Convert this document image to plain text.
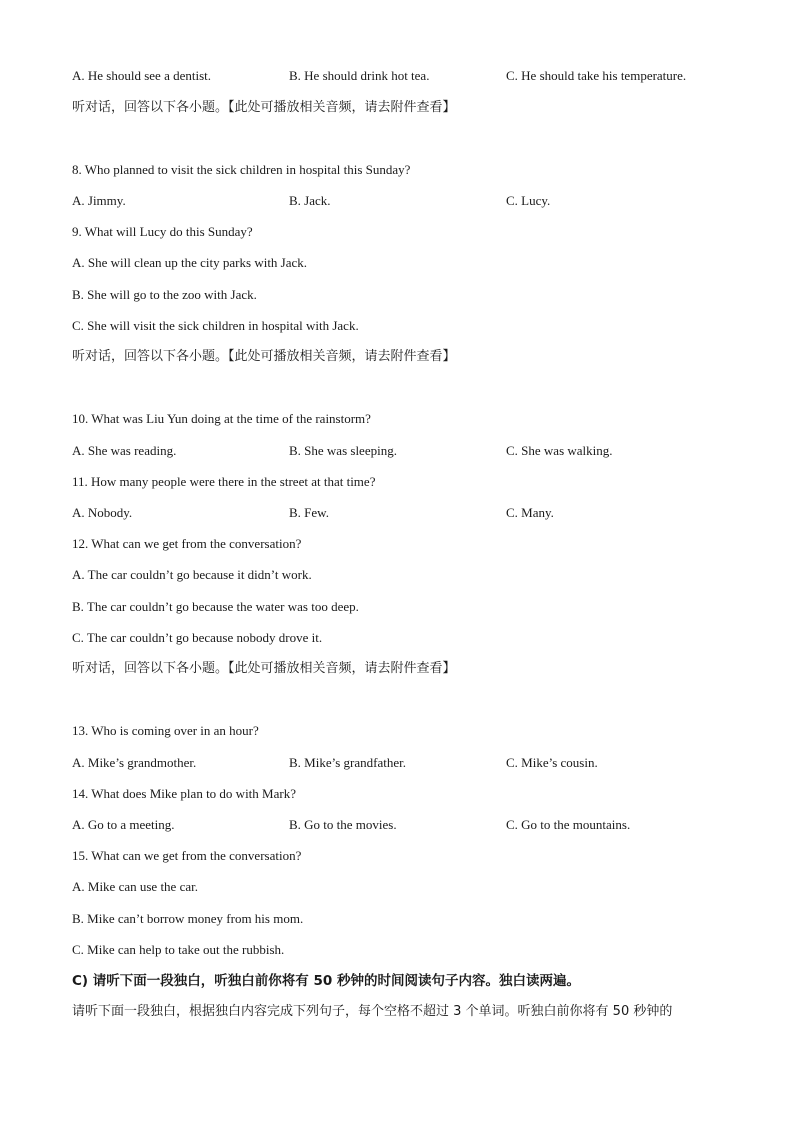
A. He should see a dentist.	B. He should drink hot tea.	C. He should take his temperature.
听对话，回答以下各小题。【此处可播放相关音频，请去附件查看】
8. Who planned to visit the sick children in hospital this Sunday?
A. Jimmy.	B. Jack.	C. Lucy.
9. What will Lucy do this Sunday?
A. She will clean up the city parks with Jack.
B. She will go to the zoo with Jack.
C. She will visit the sick children in hospital with Jack.
听对话，回答以下各小题。【此处可播放相关音频，请去附件查看】
10. What was Liu Yun doing at the time of the rainstorm?
A. She was reading.	B. She was sleeping.	C. She was walking.
11. How many people were there in the street at that time?
A. Nobody.	B. Few.	C. Many.
12. What can we get from the conversation?
A. The car couldn’t go because it didn’t work.
B. The car couldn’t go because the water was too deep.
C. The car couldn’t go because nobody drove it.
听对话，回答以下各小题。【此处可播放相关音频，请去附件查看】
13. Who is coming over in an hour?
A. Mike’s grandmother.	B. Mike’s grandfather.	C. Mike’s cousin.
14. What does Mike plan to do with Mark?
A. Go to a meeting.	B. Go to the movies.	C. Go to the mountains.
15. What can we get from the conversation?
A. Mike can use the car.
B. Mike can’t borrow money from his mom.
C. Mike can help to take out the rubbish.
C) 请听下面一段独白，听独白前你将有 50 秒钟的时间阅读句子内容。独白读两遍。
请听下面一段独白，根据独白内容完成下列句子，每个空格不超过 3 个单词。听独白前你将有 50 秒钟的
